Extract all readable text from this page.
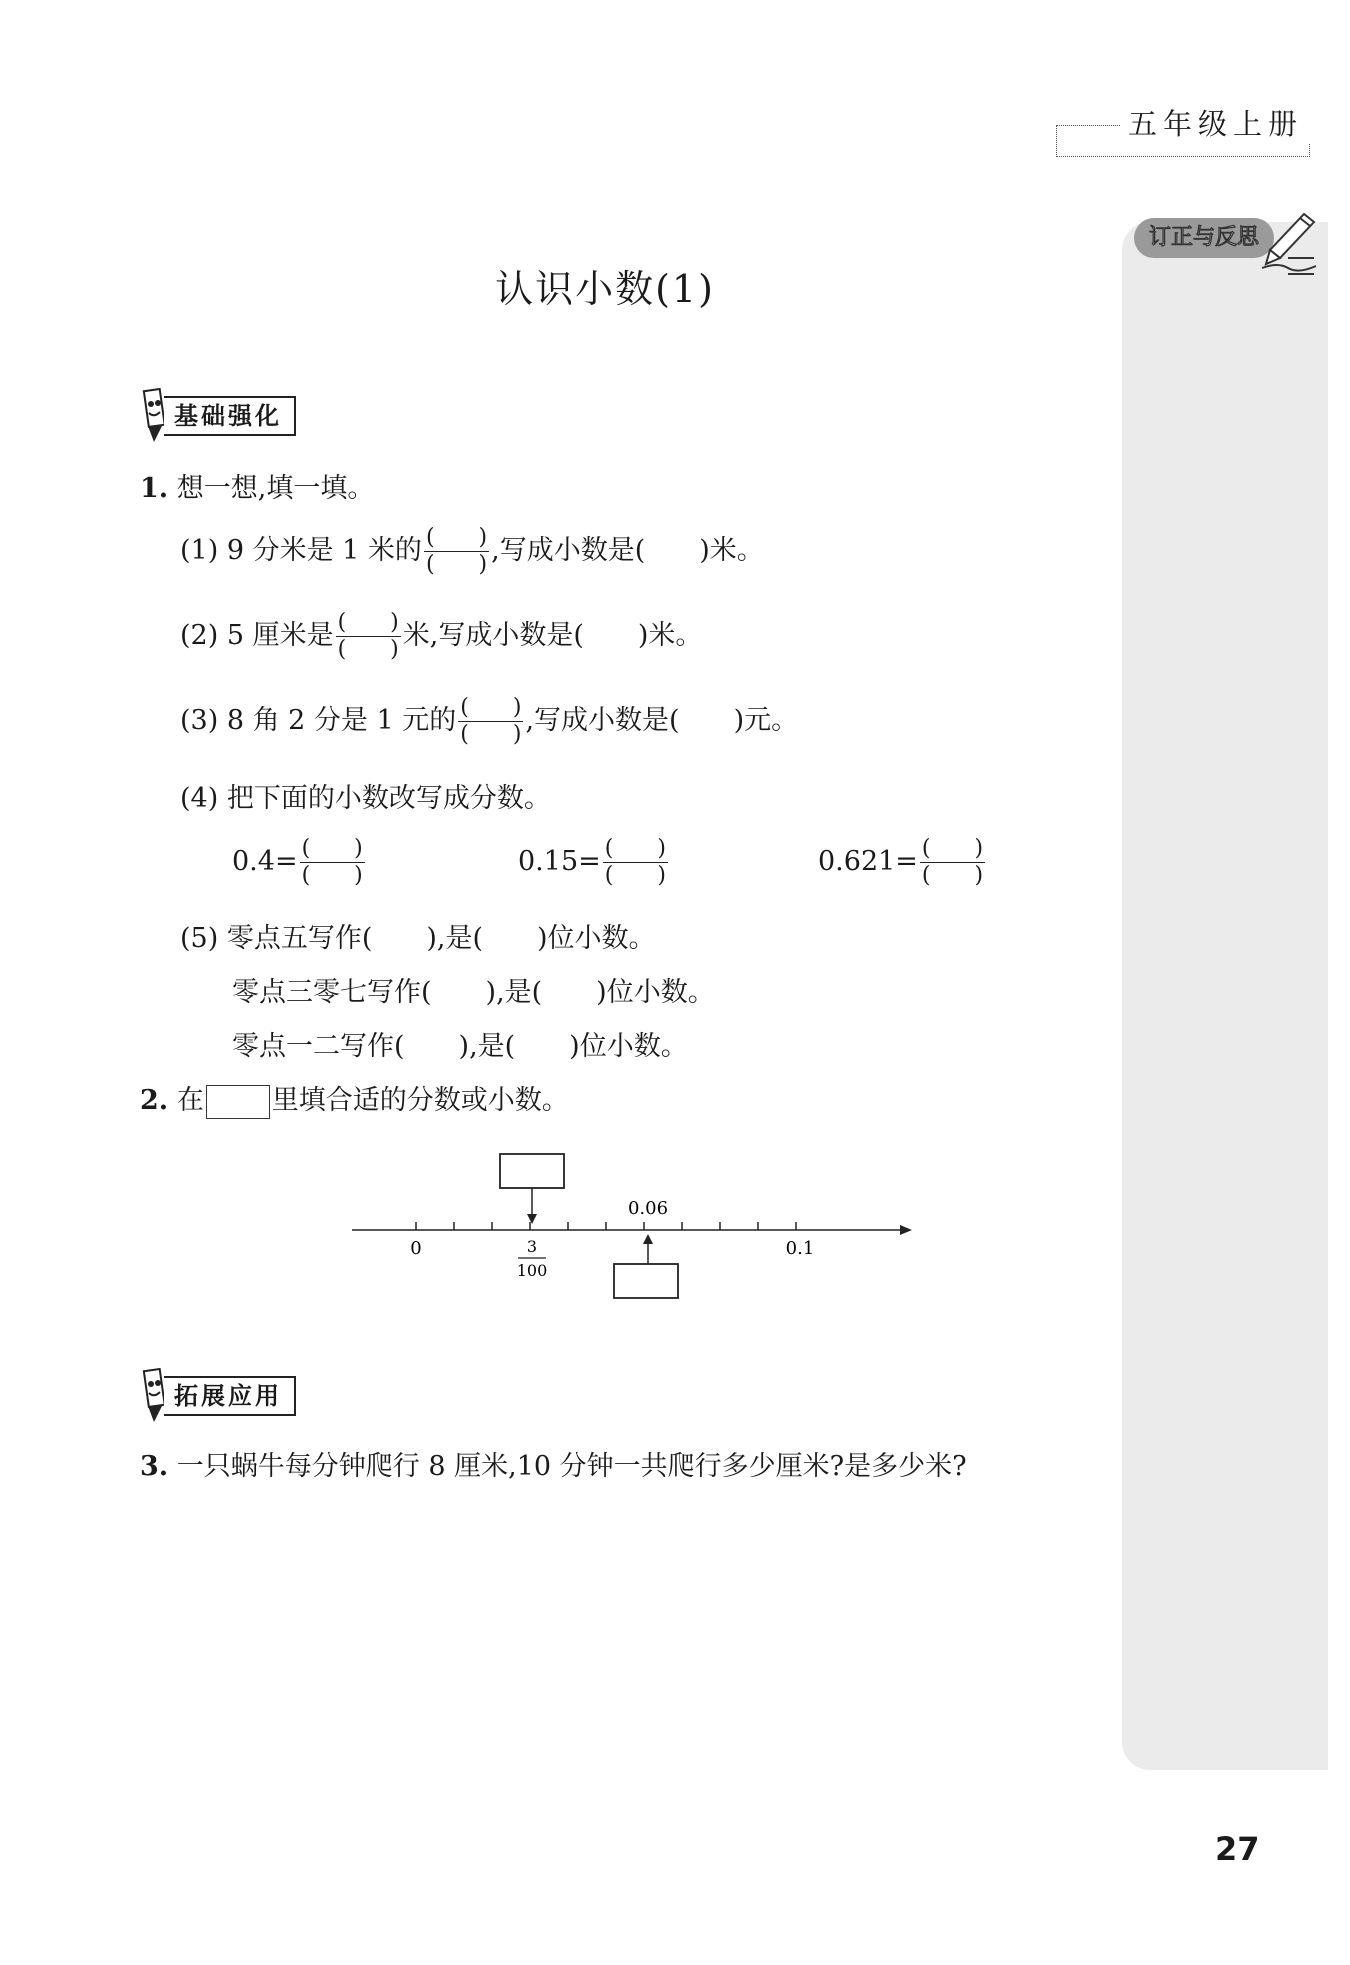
五年级上册
订正与反思
认识小数(1)
基础强化
1. 想一想,填一填。
(1) 9 分米是 1 米的 $\frac{( )}{( )}$ ,写成小数是(　　)米。
(2) 5 厘米是 $\frac{( )}{( )}$ 米,写成小数是(　　)米。
(3) 8 角 2 分是 1 元的 $\frac{( )}{( )}$ ,写成小数是(　　)元。
(4) 把下面的小数改写成分数。
$0.4= \frac{( )}{( )}$	$0.15= \frac{( )}{( )}$	$0.621= \frac{( )}{( )}$
(5) 零点五写作(　　),是(　　)位小数。
零点三零七写作(　　),是(　　)位小数。
零点一二写作(　　),是(　　)位小数。
2. 在	里填合适的分数或小数。
0	3
100
0.06
0.1
拓展应用
3. 一只蜗牛每分钟爬行 8 厘米,10 分钟一共爬行多少厘米?是多少米?
27
